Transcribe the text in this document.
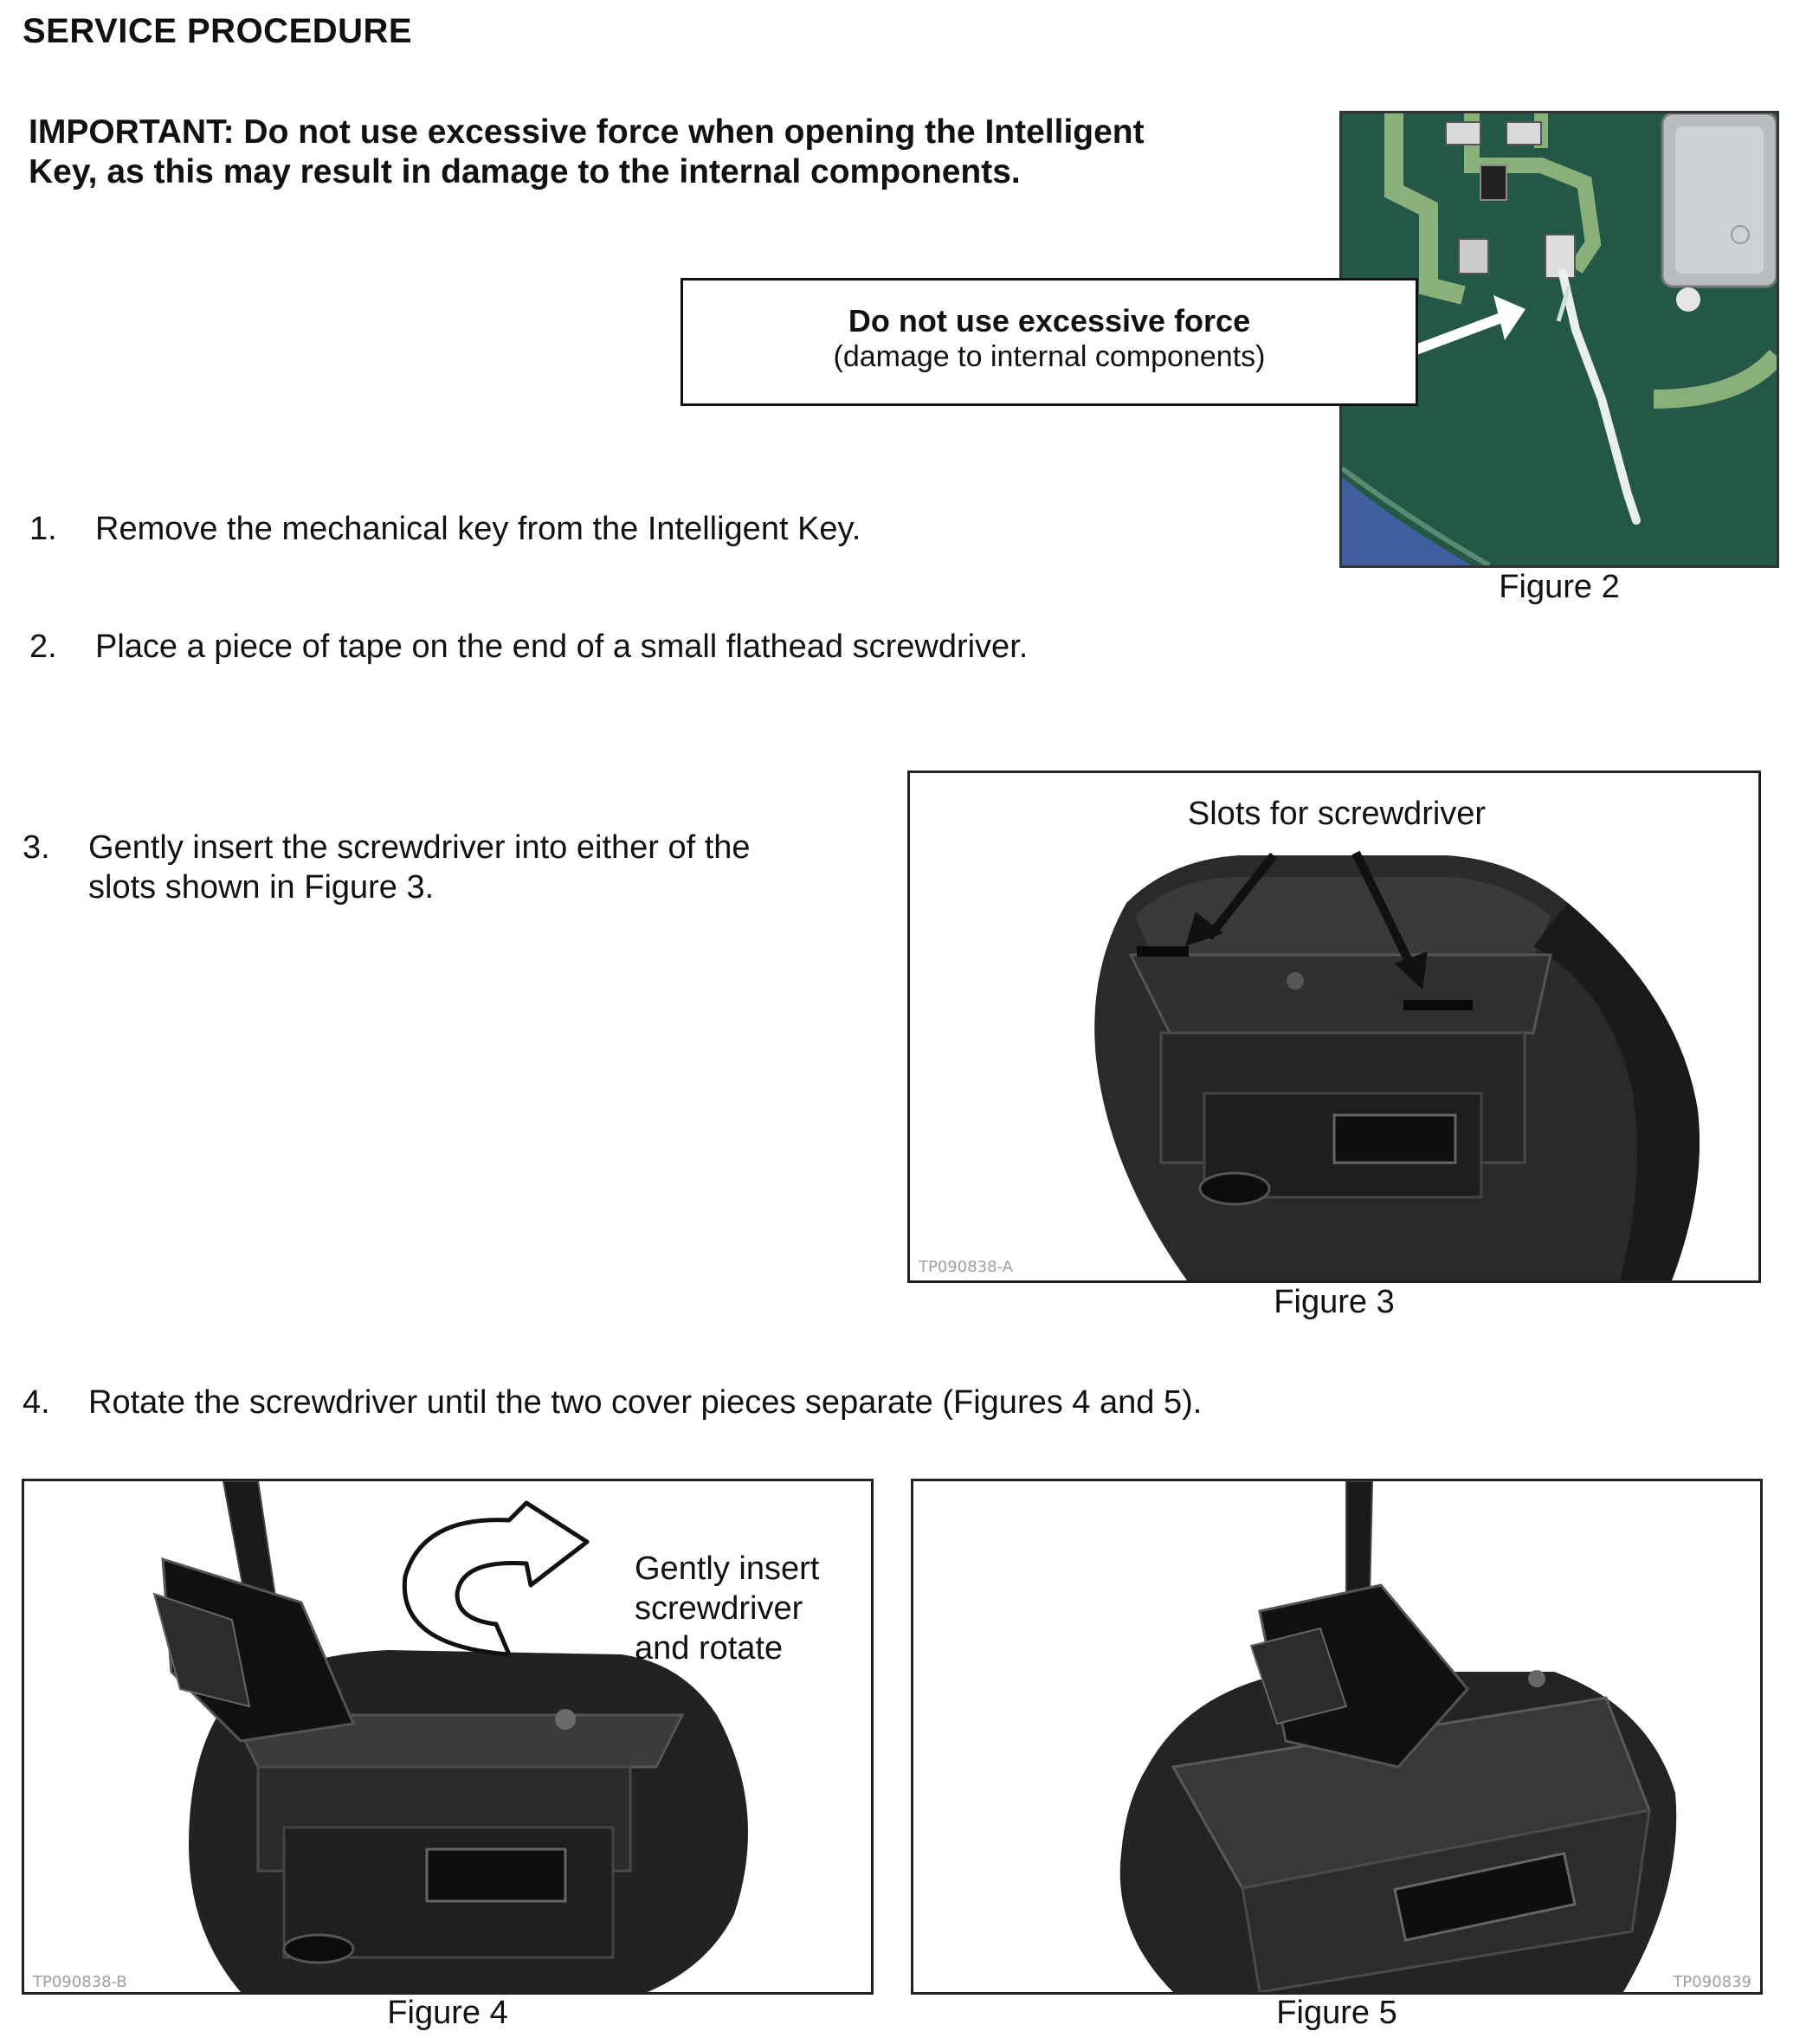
SERVICE PROCEDURE
IMPORTANT: Do not use excessive force when opening the Intelligent
Key, as this may result in damage to the internal components.
Figure 2
Do not use excessive force
(damage to internal components)
1. Remove the mechanical key from the Intelligent Key.
2. Place a piece of tape on the end of a small flathead screwdriver.
3. Gently insert the screwdriver into either of the
slots shown in Figure 3.
4. Rotate the screwdriver until the two cover pieces separate (Figures 4 and 5).
Slots for screwdriver
TP090838-A
Figure 3
Gently insert
screwdriver
and rotate
TP090838-B
Figure 4
TP090839
Figure 5
